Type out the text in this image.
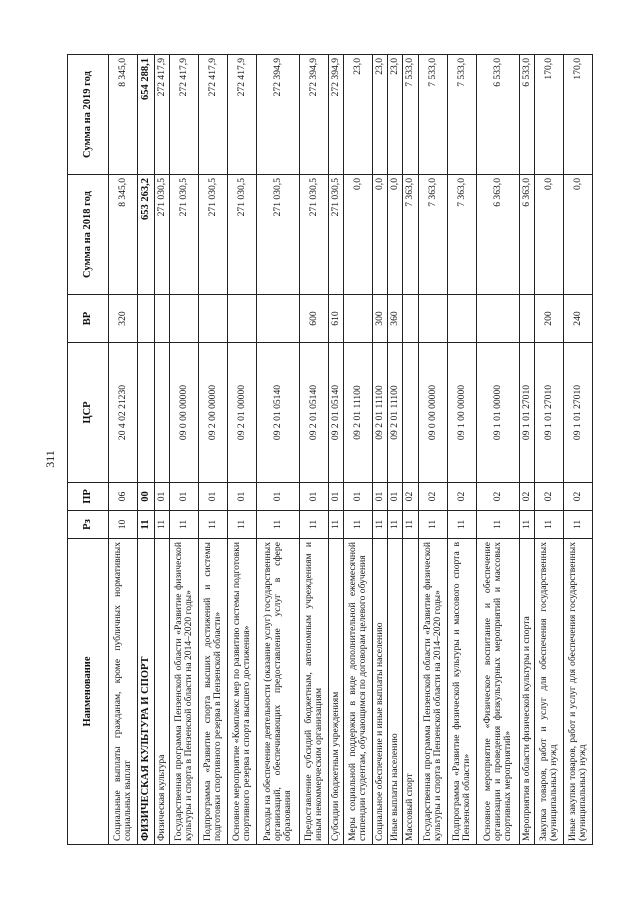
311
Наименование	Рз	ПР	ЦСР	ВР	Сумма на 2018 год	Сумма на 2019 год
Социальные выплаты гражданам, кроме публичных нормативных социальных выплат	10	06	20 4 02 21230	320	8 345,0	8 345,0
ФИЗИЧЕСКАЯ КУЛЬТУРА И СПОРТ	11	00			653 263,2	654 288,1
Физическая культура	11	01			271 030,5	272 417,9
Государственная программа Пензенской области «Развитие физической культуры и спорта в Пензенской области на 2014–2020 годы»	11	01	09 0 00 00000		271 030,5	272 417,9
Подпрограмма «Развитие спорта высших достижений и системы подготовки спортивного резерва в Пензенской области»	11	01	09 2 00 00000		271 030,5	272 417,9
Основное мероприятие «Комплекс мер по развитию системы подготовки спортивного резерва и спорта высшего достижения»	11	01	09 2 01 00000		271 030,5	272 417,9
Расходы на обеспечение деятельности (оказание услуг) государственных организаций, обеспечивающих предоставление услуг в сфере образования	11	01	09 2 01 05140		271 030,5	272 394,9
Предоставление субсидий бюджетным, автономным учреждениям и иным некоммерческим организациям	11	01	09 2 01 05140	600	271 030,5	272 394,9
Субсидии бюджетным учреждениям	11	01	09 2 01 05140	610	271 030,5	272 394,9
Меры социальной поддержки в виде дополнительной ежемесячной стипендии студентам, обучающимся по договорам целевого обучения	11	01	09 2 01 11100		0,0	23,0
Социальное обеспечение и иные выплаты населению	11	01	09 2 01 11100	300	0,0	23,0
Иные выплаты населению	11	01	09 2 01 11100	360	0,0	23,0
Массовый спорт	11	02			7 363,0	7 533,0
Государственная программа Пензенской области «Развитие физической культуры и спорта в Пензенской области на 2014–2020 годы»	11	02	09 0 00 00000		7 363,0	7 533,0
Подпрограмма «Развитие физической культуры и массового спорта в Пензенской области»	11	02	09 1 00 00000		7 363,0	7 533,0
Основное мероприятие «Физическое воспитание и обеспечение организации и проведения физкультурных мероприятий и массовых спортивных мероприятий»	11	02	09 1 01 00000		6 363,0	6 533,0
Мероприятия в области физической культуры и спорта	11	02	09 1 01 27010		6 363,0	6 533,0
Закупка товаров, работ и услуг для обеспечения государственных (муниципальных) нужд	11	02	09 1 01 27010	200	0,0	170,0
Иные закупки товаров, работ и услуг для обеспечения государственных (муниципальных) нужд	11	02	09 1 01 27010	240	0,0	170,0
